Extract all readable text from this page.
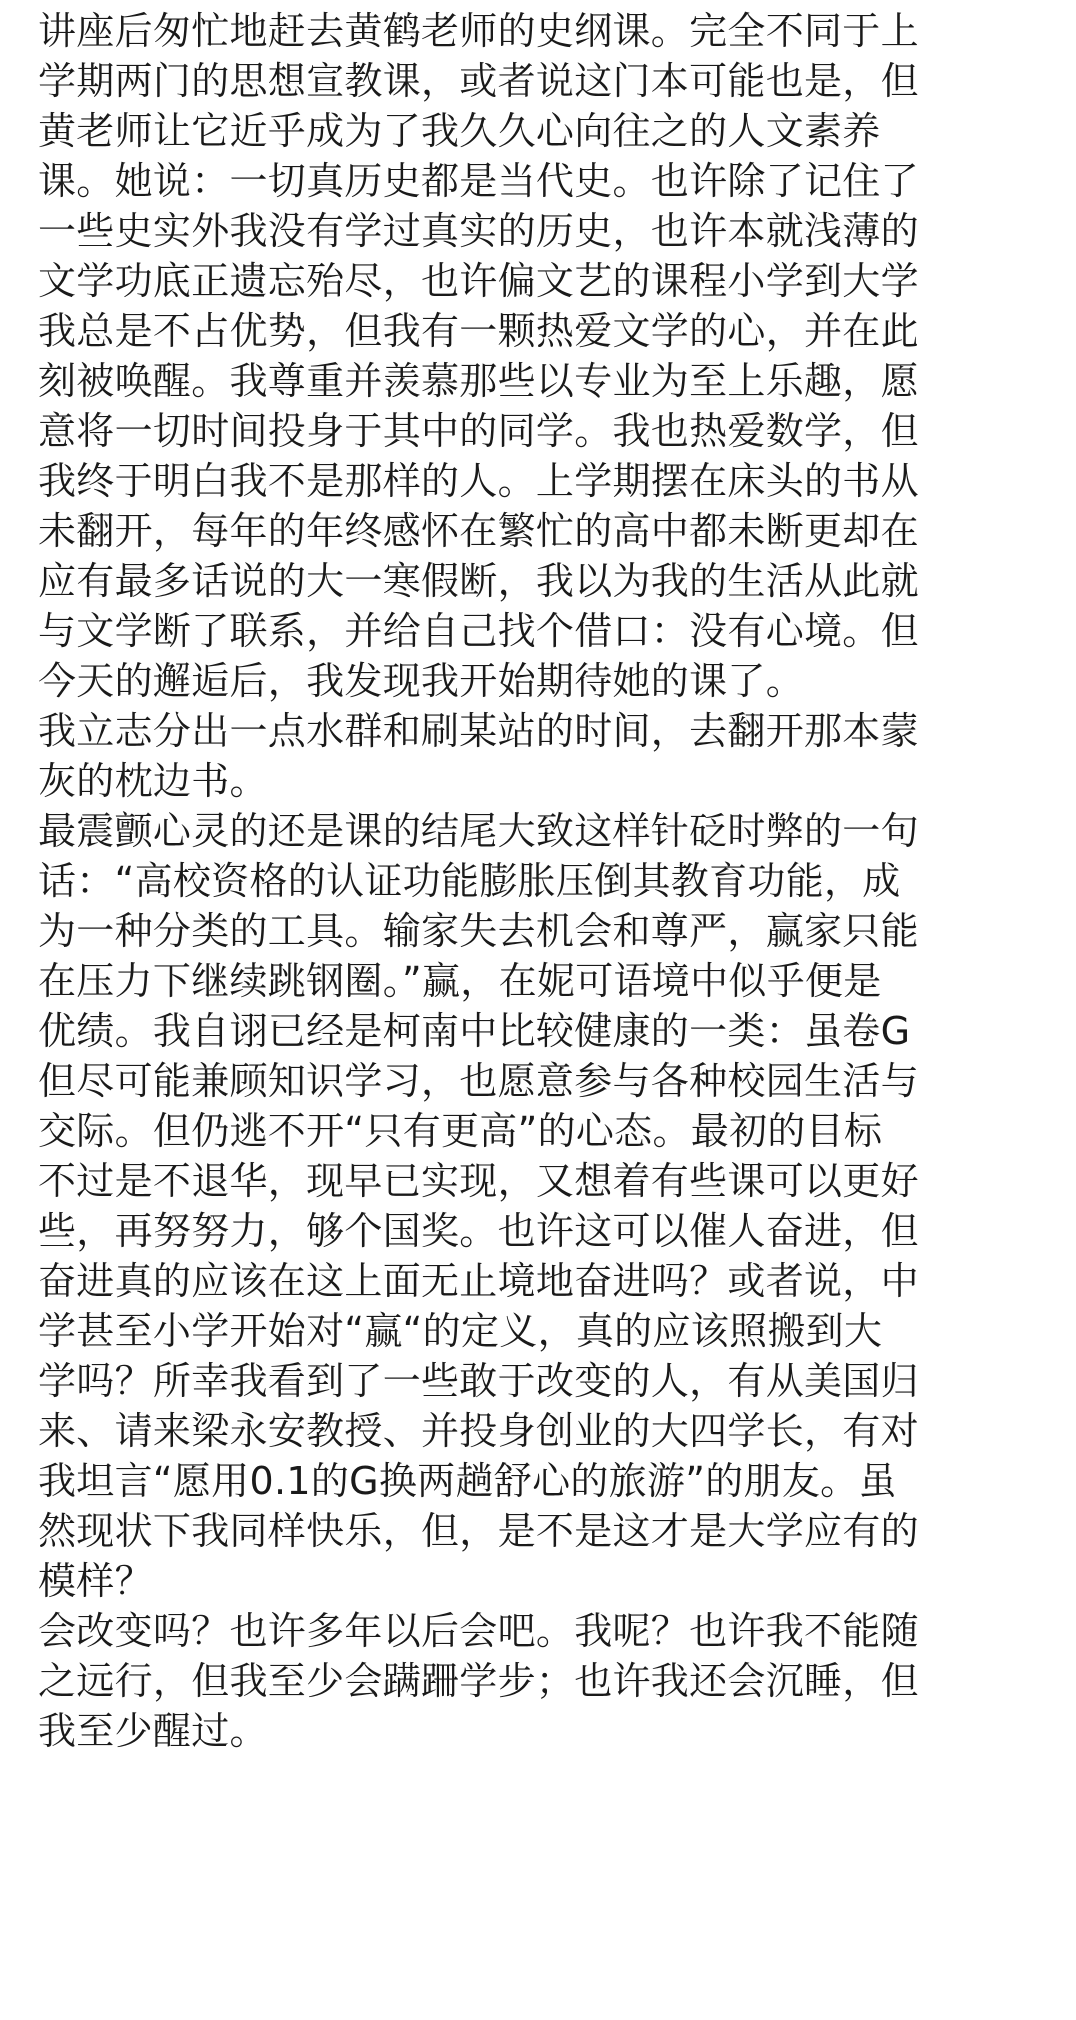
讲座后匆忙地赶去黄鹤老师的史纲课。完全不同于上

学期两门的思想宣教课，或者说这门本可能也是，但

黄老师让它近乎成为了我久久心向往之的人文素养

课。她说：一切真历史都是当代史。也许除了记住了

一些史实外我没有学过真实的历史，也许本就浅薄的

文学功底正遗忘殆尽，也许偏文艺的课程小学到大学

我总是不占优势，但我有一颗热爱文学的心，并在此

刻被唤醒。我尊重并羡慕那些以专业为至上乐趣，愿

意将一切时间投身于其中的同学。我也热爱数学，但

我终于明白我不是那样的人。上学期摆在床头的书从

未翻开，每年的年终感怀在繁忙的高中都未断更却在

应有最多话说的大一寒假断，我以为我的生活从此就

与文学断了联系，并给自己找个借口：没有心境。但

今天的邂逅后，我发现我开始期待她的课了。

我立志分出一点水群和刷某站的时间，去翻开那本蒙

灰的枕边书。

最震颤心灵的还是课的结尾大致这样针砭时弊的一句

话：“高校资格的认证功能膨胀压倒其教育功能，成

为一种分类的工具。输家失去机会和尊严，赢家只能

在压力下继续跳钢圈。”赢，在妮可语境中似乎便是

优绩。我自诩已经是柯南中比较健康的一类：虽卷G

但尽可能兼顾知识学习，也愿意参与各种校园生活与

交际。但仍逃不开“只有更高”的心态。最初的目标

不过是不退华，现早已实现，又想着有些课可以更好

些，再努努力，够个国奖。也许这可以催人奋进，但

奋进真的应该在这上面无止境地奋进吗？或者说，中

学甚至小学开始对“赢“的定义，真的应该照搬到大

学吗？所幸我看到了一些敢于改变的人，有从美国归

来、请来梁永安教授、并投身创业的大四学长，有对

我坦言“愿用0.1的G换两趟舒心的旅游”的朋友。虽

然现状下我同样快乐，但，是不是这才是大学应有的

模样？

会改变吗？也许多年以后会吧。我呢？也许我不能随

之远行，但我至少会蹒跚学步；也许我还会沉睡，但

我至少醒过。
